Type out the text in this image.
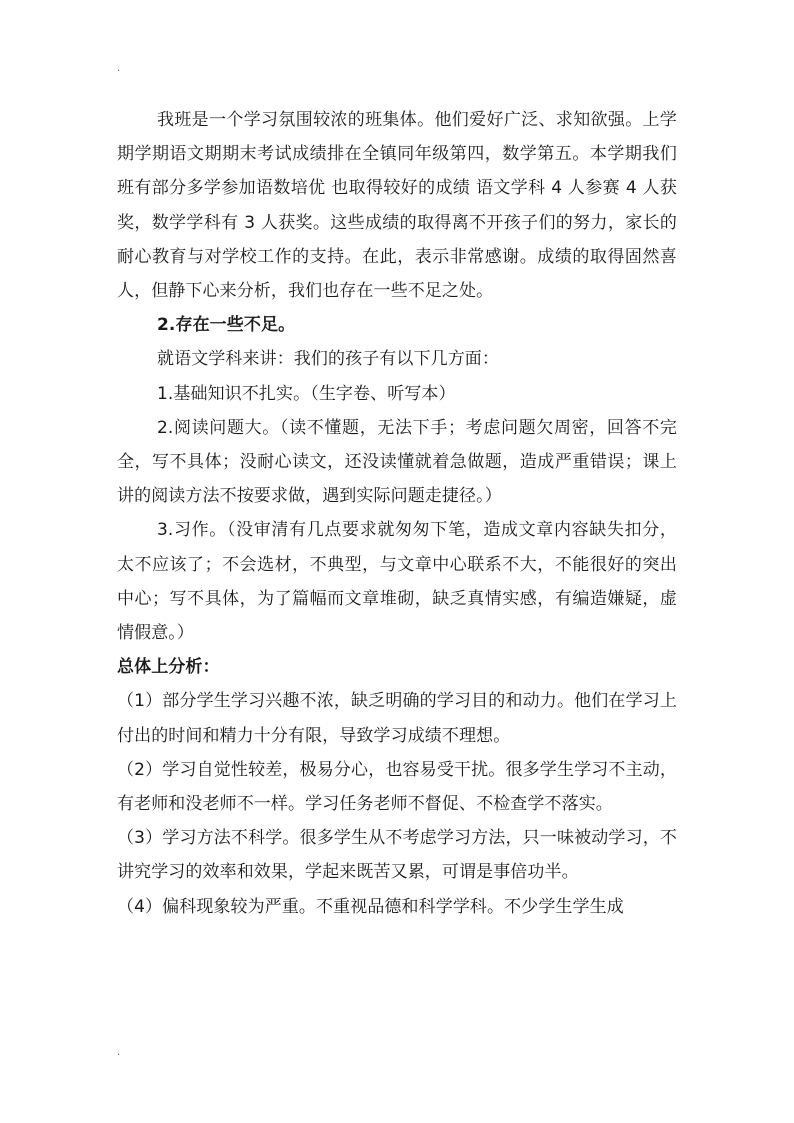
.

我班是一个学习氛围较浓的班集体。他们爱好广泛、求知欲强。上学期学期语文期期末考试成绩排在全镇同年级第四，数学第五。本学期我们班有部分多学参加语数培优 也取得较好的成绩 语文学科 4 人参赛 4 人获奖，数学学科有 3 人获奖。这些成绩的取得离不开孩子们的努力，家长的耐心教育与对学校工作的支持。在此，表示非常感谢。成绩的取得固然喜人，但静下心来分析，我们也存在一些不足之处。

2.存在一些不足。

就语文学科来讲：我们的孩子有以下几方面：

1.基础知识不扎实。（生字卷、听写本）

2.阅读问题大。（读不懂题，无法下手；考虑问题欠周密，回答不完全，写不具体；没耐心读文，还没读懂就着急做题，造成严重错误；课上讲的阅读方法不按要求做，遇到实际问题走捷径。）

3.习作。（没审清有几点要求就匆匆下笔，造成文章内容缺失扣分，太不应该了；不会选材，不典型，与文章中心联系不大，不能很好的突出中心；写不具体，为了篇幅而文章堆砌，缺乏真情实感，有编造嫌疑，虚情假意。）

总体上分析：

（1）部分学生学习兴趣不浓，缺乏明确的学习目的和动力。他们在学习上付出的时间和精力十分有限，导致学习成绩不理想。

（2）学习自觉性较差，极易分心，也容易受干扰。很多学生学习不主动，有老师和没老师不一样。学习任务老师不督促、不检查学不落实。

（3）学习方法不科学。很多学生从不考虑学习方法，只一味被动学习，不讲究学习的效率和效果，学起来既苦又累，可谓是事倍功半。

（4）偏科现象较为严重。不重视品德和科学学科。不少学生学生成

.
